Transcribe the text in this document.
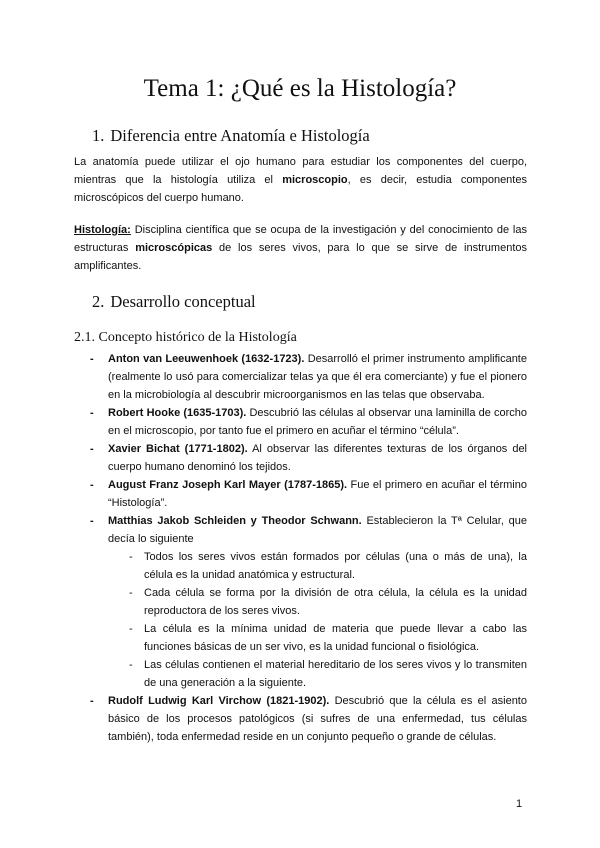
Tema 1: ¿Qué es la Histología?
1. Diferencia entre Anatomía e Histología
La anatomía puede utilizar el ojo humano para estudiar los componentes del cuerpo, mientras que la histología utiliza el microscopio, es decir, estudia componentes microscópicos del cuerpo humano.
Histología: Disciplina científica que se ocupa de la investigación y del conocimiento de las estructuras microscópicas de los seres vivos, para lo que se sirve de instrumentos amplificantes.
2. Desarrollo conceptual
2.1. Concepto histórico de la Histología
- Anton van Leeuwenhoek (1632-1723). Desarrolló el primer instrumento amplificante (realmente lo usó para comercializar telas ya que él era comerciante) y fue el pionero en la microbiología al descubrir microorganismos en las telas que observaba.
- Robert Hooke (1635-1703). Descubrió las células al observar una laminilla de corcho en el microscopio, por tanto fue el primero en acuñar el término “célula”.
- Xavier Bichat (1771-1802). Al observar las diferentes texturas de los órganos del cuerpo humano denominó los tejidos.
- August Franz Joseph Karl Mayer (1787-1865). Fue el primero en acuñar el término “Histología”.
- Matthias Jakob Schleiden y Theodor Schwann. Establecieron la Tª Celular, que decía lo siguiente
- Todos los seres vivos están formados por células (una o más de una), la célula es la unidad anatómica y estructural.
- Cada célula se forma por la división de otra célula, la célula es la unidad reproductora de los seres vivos.
- La célula es la mínima unidad de materia que puede llevar a cabo las funciones básicas de un ser vivo, es la unidad funcional o fisiológica.
- Las células contienen el material hereditario de los seres vivos y lo transmiten de una generación a la siguiente.
- Rudolf Ludwig Karl Virchow (1821-1902). Descubrió que la célula es el asiento básico de los procesos patológicos (si sufres de una enfermedad, tus células también), toda enfermedad reside en un conjunto pequeño o grande de células.
1
